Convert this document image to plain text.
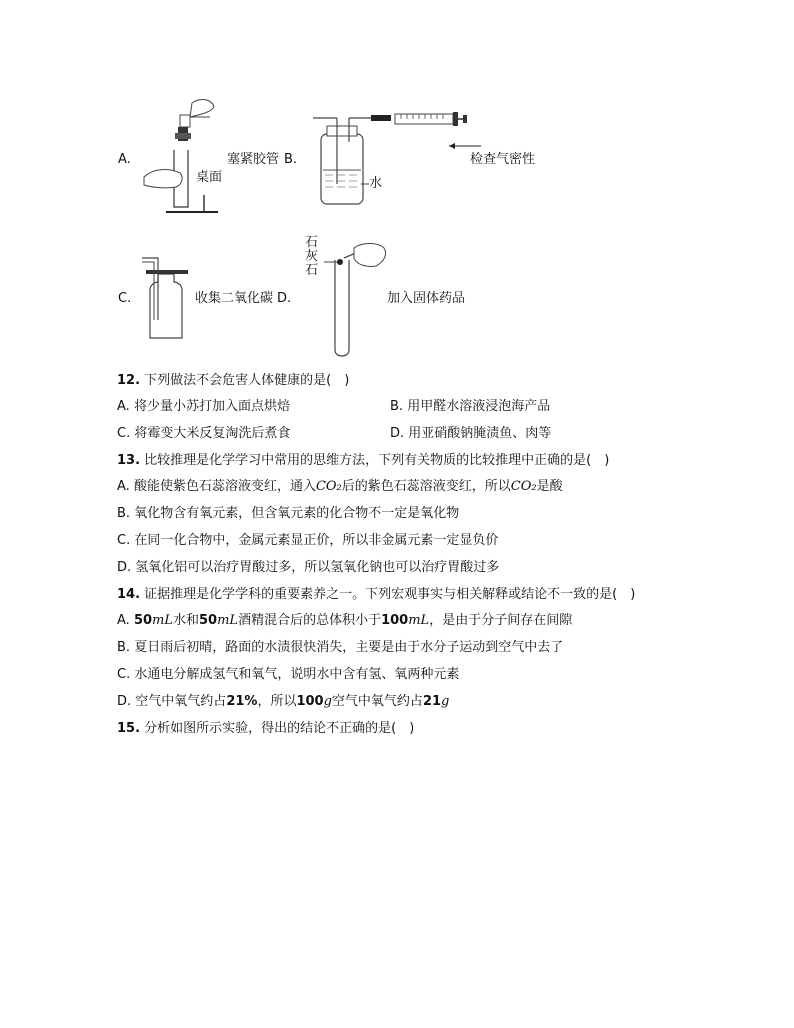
A.
桌面
塞紧胶管 B.
水
检查气密性
C.	收集二氧化碳 D.
石灰石
加入固体药品
12. 下列做法不会危害人体健康的是(　)
A. 将少量小苏打加入面点烘焙	B. 用甲醛水溶液浸泡海产品
C. 将霉变大米反复淘洗后煮食	D. 用亚硝酸钠腌渍鱼、肉等
13. 比较推理是化学学习中常用的思维方法，下列有关物质的比较推理中正确的是(　)
A. 酸能使紫色石蕊溶液变红，通入CO₂后的紫色石蕊溶液变红，所以CO₂是酸
B. 氧化物含有氧元素，但含氧元素的化合物不一定是氧化物
C. 在同一化合物中，金属元素显正价，所以非金属元素一定显负价
D. 氢氧化铝可以治疗胃酸过多，所以氢氧化钠也可以治疗胃酸过多
14. 证据推理是化学学科的重要素养之一。下列宏观事实与相关解释或结论不一致的是(　)
A. 50mL水和50mL酒精混合后的总体积小于100mL，是由于分子间存在间隙
B. 夏日雨后初晴，路面的水渍很快消失，主要是由于水分子运动到空气中去了
C. 水通电分解成氢气和氧气，说明水中含有氢、氧两种元素
D. 空气中氧气约占21%，所以100g空气中氧气约占21g
15. 分析如图所示实验，得出的结论不正确的是(　)
